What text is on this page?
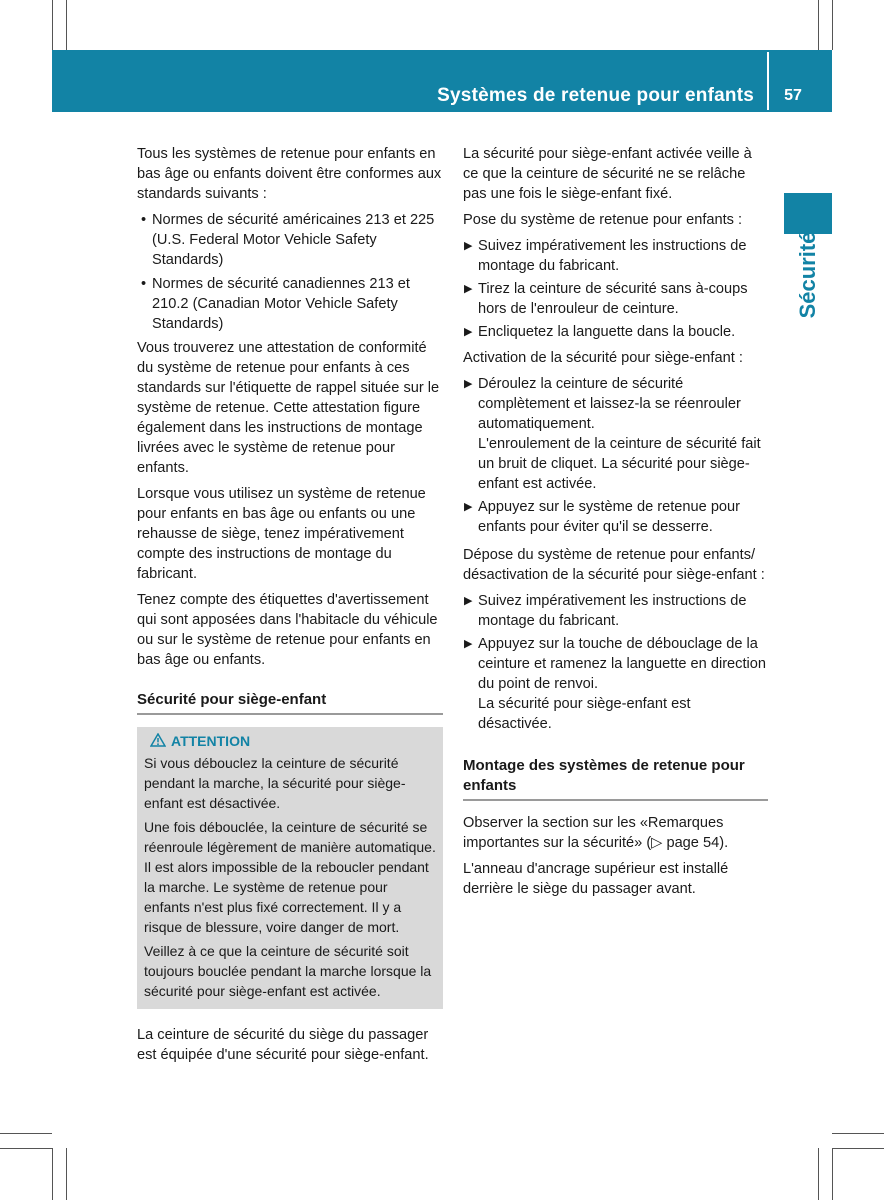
Systèmes de retenue pour enfants	57
Sécurité

Tous les systèmes de retenue pour enfants en bas âge ou enfants doivent être conformes aux standards suivants :

• Normes de sécurité américaines 213 et 225 (U.S. Federal Motor Vehicle Safety Standards)
• Normes de sécurité canadiennes 213 et 210.2 (Canadian Motor Vehicle Safety Standards)

Vous trouverez une attestation de conformité du système de retenue pour enfants à ces standards sur l'étiquette de rappel située sur le système de retenue. Cette attestation figure également dans les instructions de montage livrées avec le système de retenue pour enfants.

Lorsque vous utilisez un système de retenue pour enfants en bas âge ou enfants ou une rehausse de siège, tenez impérativement compte des instructions de montage du fabricant.

Tenez compte des étiquettes d'avertissement qui sont apposées dans l'habitacle du véhicule ou sur le système de retenue pour enfants en bas âge ou enfants.

Sécurité pour siège-enfant
ATTENTION

Si vous débouclez la ceinture de sécurité pendant la marche, la sécurité pour siège-enfant est désactivée.

Une fois débouclée, la ceinture de sécurité se réenroule légèrement de manière automatique. Il est alors impossible de la reboucler pendant la marche. Le système de retenue pour enfants n'est plus fixé correctement. Il y a risque de blessure, voire danger de mort.

Veillez à ce que la ceinture de sécurité soit toujours bouclée pendant la marche lorsque la sécurité pour siège-enfant est activée.

La ceinture de sécurité du siège du passager est équipée d'une sécurité pour siège-enfant.

La sécurité pour siège-enfant activée veille à ce que la ceinture de sécurité ne se relâche pas une fois le siège-enfant fixé.

Pose du système de retenue pour enfants :

▶ Suivez impérativement les instructions de montage du fabricant.
▶ Tirez la ceinture de sécurité sans à-coups hors de l'enrouleur de ceinture.
▶ Encliquetez la languette dans la boucle.

Activation de la sécurité pour siège-enfant :

▶ Déroulez la ceinture de sécurité complètement et laissez-la se réenrouler automatiquement.
L'enroulement de la ceinture de sécurité fait un bruit de cliquet. La sécurité pour siège-enfant est activée.
▶ Appuyez sur le système de retenue pour enfants pour éviter qu'il se desserre.

Dépose du système de retenue pour enfants/ désactivation de la sécurité pour siège-enfant :

▶ Suivez impérativement les instructions de montage du fabricant.
▶ Appuyez sur la touche de débouclage de la ceinture et ramenez la languette en direction du point de renvoi.
La sécurité pour siège-enfant est désactivée.
Montage des systèmes de retenue pour enfants

Observer la section sur les «Remarques importantes sur la sécurité» (▷ page 54).

L'anneau d'ancrage supérieur est installé derrière le siège du passager avant.
